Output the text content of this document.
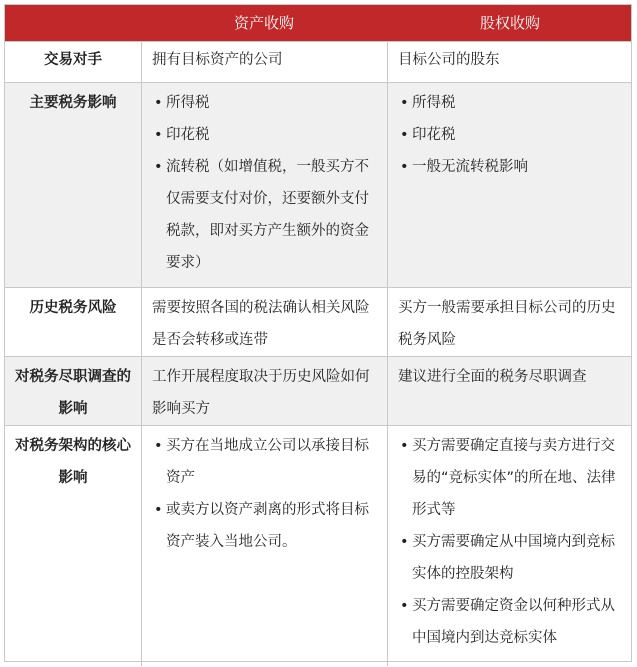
资产收购	股权收购
交易对手	拥有目标资产的公司	目标公司的股东
主要税务影响
•	所得税
• 印花税
• 流转税（如增值税，一般买方不仅需要支付对价，还要额外支付税款，即对买方产生额外的资金要求）
• 所得税
• 印花税
• 一般无流转税影响
历史税务风险	需要按照各国的税法确认相关风险是否会转移或连带
买方一般需要承担目标公司的历史税务风险
对税务尽职调查的影响
工作开展程度取决于历史风险如何影响买方
建议进行全面的税务尽职调查
对税务架构的核心影响
• 买方在当地成立公司以承接目标资产
• 或卖方以资产剥离的形式将目标资产装入当地公司。
• 买方需要确定直接与卖方进行交易的“竞标实体”的所在地、法律形式等
• 买方需要确定从中国境内到竞标实体的控股架构
• 买方需要确定资金以何种形式从中国境内到达竞标实体
